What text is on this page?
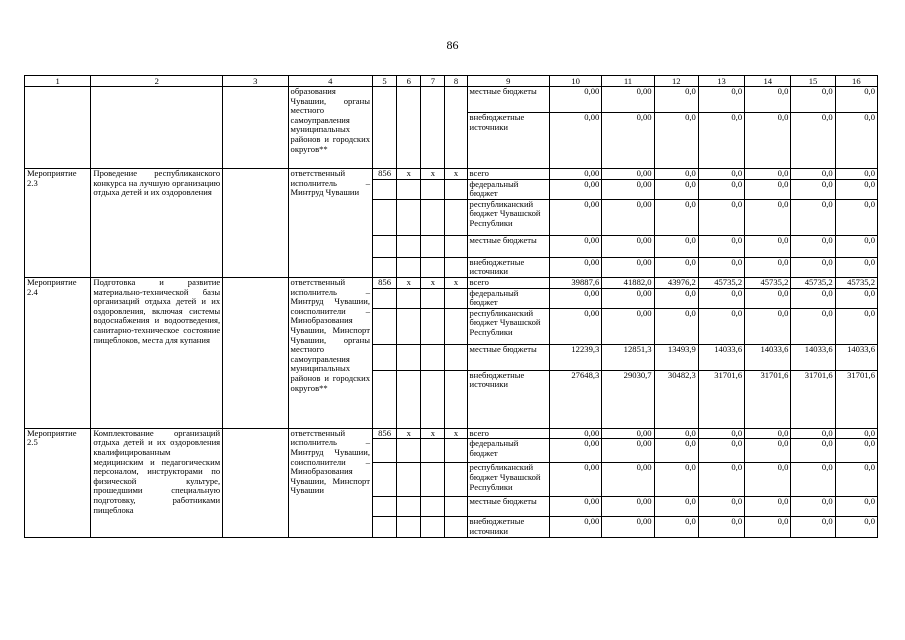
86
1	2	3	4	5	6	7	8	9	10	11	12	13	14	15	16
			образования Чувашии, органы местного самоуправления муниципальных районов и городских округов**					местные бюджеты	0,00	0,00	0,0	0,0	0,0	0,0	0,0
								внебюджетные источники	0,00	0,00	0,0	0,0	0,0	0,0	0,0
Мероприятие 2.3	Проведение республиканского конкурса на лучшую организацию отдыха детей и их оздоровления		ответственный исполнитель – Минтруд Чувашии	856	x	x	x	всего	0,00	0,00	0,0	0,0	0,0	0,0	0,0
								федеральный бюджет	0,00	0,00	0,0	0,0	0,0	0,0	0,0
								республиканский бюджет Чувашской Республики	0,00	0,00	0,0	0,0	0,0	0,0	0,0
								местные бюджеты	0,00	0,00	0,0	0,0	0,0	0,0	0,0
								внебюджетные источники	0,00	0,00	0,0	0,0	0,0	0,0	0,0
Мероприятие 2.4	Подготовка и развитие материально-технической базы организаций отдыха детей и их оздоровления, включая системы водоснабжения и водоотведения, санитарно-техническое состояние пищеблоков, места для купания		ответственный исполнитель – Минтруд Чувашии, соисполнители – Минобразования Чувашии, Минспорт Чувашии, органы местного самоуправления муниципальных районов и городских округов**	856	x	x	x	всего	39887,6	41882,0	43976,2	45735,2	45735,2	45735,2	45735,2
								федеральный бюджет	0,00	0,00	0,0	0,0	0,0	0,0	0,0
								республиканский бюджет Чувашской Республики	0,00	0,00	0,0	0,0	0,0	0,0	0,0
								местные бюджеты	12239,3	12851,3	13493,9	14033,6	14033,6	14033,6	14033,6
								внебюджетные источники	27648,3	29030,7	30482,3	31701,6	31701,6	31701,6	31701,6
Мероприятие 2.5	Комплектование организаций отдыха детей и их оздоровления квалифицированным медицинским и педагогическим персоналом, инструкторами по физической культуре, прошедшими специальную подготовку, работниками пищеблока		ответственный исполнитель – Минтруд Чувашии, соисполнители – Минобразования Чувашии, Минспорт Чувашии	856	x	x	x	всего	0,00	0,00	0,0	0,0	0,0	0,0	0,0
								федеральный бюджет	0,00	0,00	0,0	0,0	0,0	0,0	0,0
								республиканский бюджет Чувашской Республики	0,00	0,00	0,0	0,0	0,0	0,0	0,0
								местные бюджеты	0,00	0,00	0,0	0,0	0,0	0,0	0,0
								внебюджетные источники	0,00	0,00	0,0	0,0	0,0	0,0	0,0
